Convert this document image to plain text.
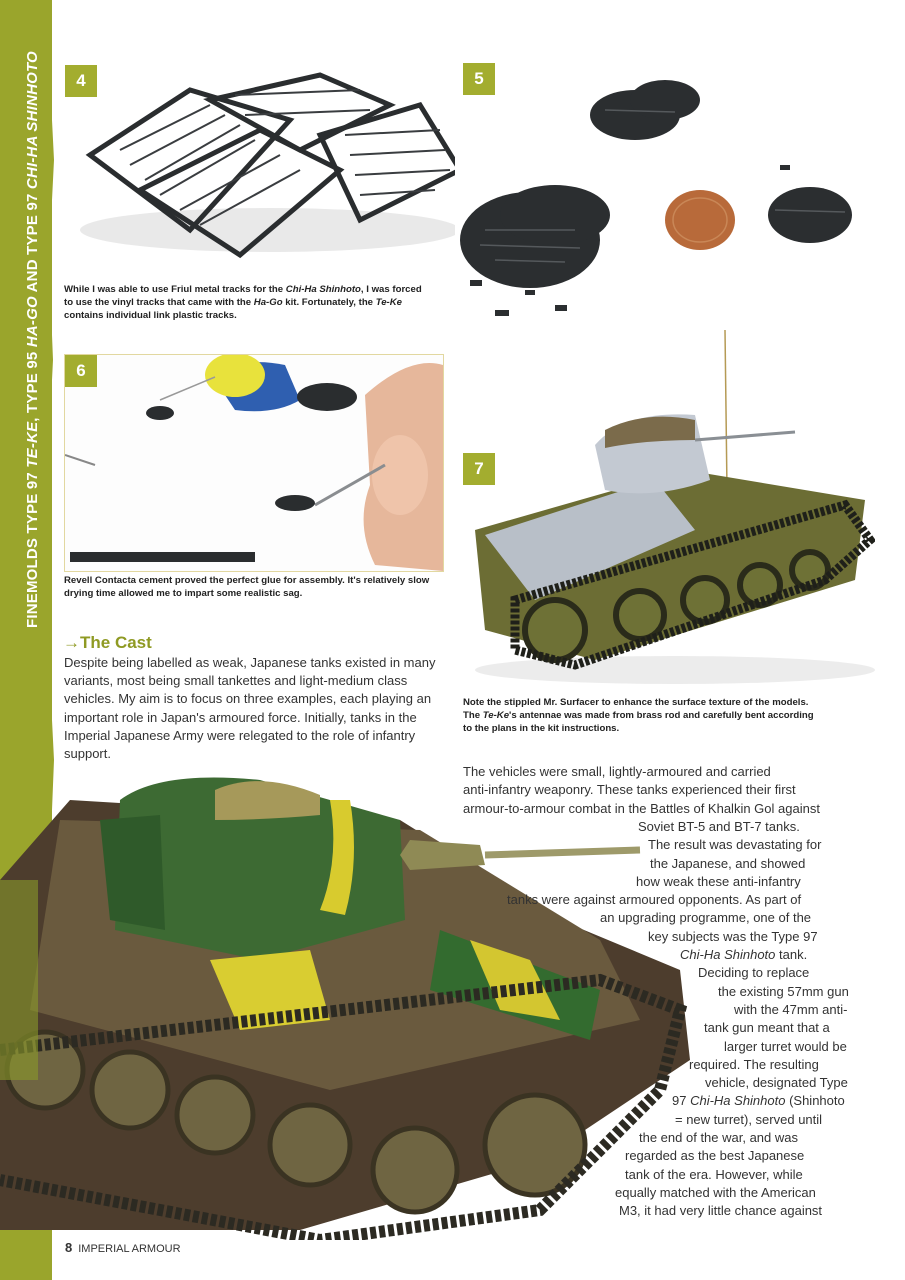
FINEMOLDS TYPE 97 TE-KE, TYPE 95 HA-GO AND TYPE 97 CHI-HA SHINHOTO	4
While I was able to use Friul metal tracks for the Chi-Ha Shinhoto, I was forced to use the vinyl tracks that came with the Ha-Go kit. Fortunately, the Te-Ke contains individual link plastic tracks.
5
6
Revell Contacta cement proved the perfect glue for assembly. It's relatively slow drying time allowed me to impart some realistic sag.
7
Note the stippled Mr. Surfacer to enhance the surface texture of the models. The Te-Ke's antennae was made from brass rod and carefully bent according to the plans in the kit instructions.
→The Cast
Despite being labelled as weak, Japanese tanks existed in many variants, most being small tankettes and light-medium class vehicles. My aim is to focus on three examples, each playing an important role in Japan's armoured force. Initially, tanks in the Imperial Japanese Army were relegated to the role of infantry support.
The vehicles were small, lightly-armoured and carried
anti-infantry weaponry. These tanks experienced their first
armour-to-armour combat in the Battles of Khalkin Gol against
Soviet BT-5 and BT-7 tanks.
The result was devastating for
the Japanese, and showed
how weak these anti-infantry
tanks were against armoured opponents. As part of
an upgrading programme, one of the
key subjects was the Type 97
Chi-Ha Shinhoto tank.
Deciding to replace
the existing 57mm gun
with the 47mm anti-
tank gun meant that a
larger turret would be
required. The resulting
vehicle, designated Type
97 Chi-Ha Shinhoto (Shinhoto
= new turret), served until
the end of the war, and was
regarded as the best Japanese
tank of the era. However, while
equally matched with the American
M3, it had very little chance against
8 IMPERIAL ARMOUR
